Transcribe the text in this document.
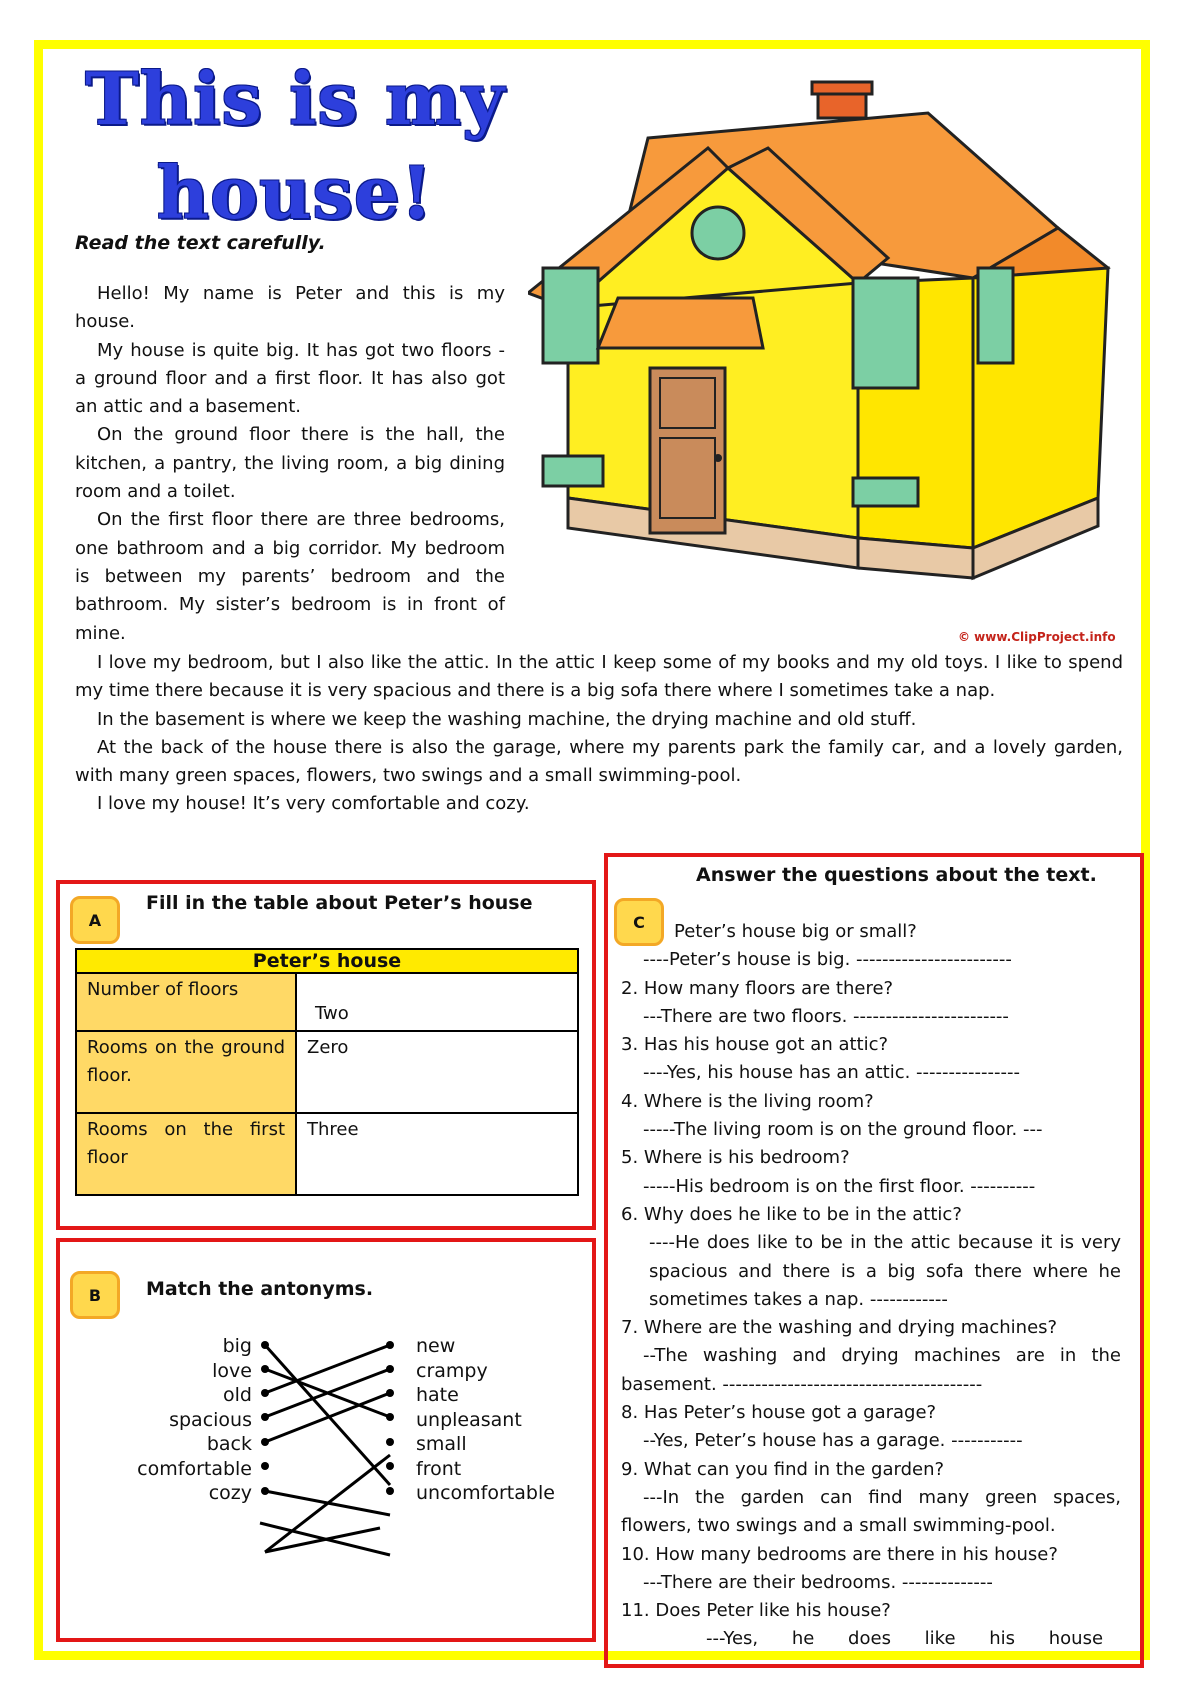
This is my
house!
Read the text carefully.

Hello! My name is Peter and this is my house.

My house is quite big. It has got two floors - a ground floor and a first floor. It has also got an attic and a basement.

On the ground floor there is the hall, the kitchen, a pantry, the living room, a big dining room and a toilet.

On the first floor there are three bedrooms, one bathroom and a big corridor. My bedroom is between my parents’ bedroom and the bathroom. My sister’s bedroom is in front of mine.	© www.ClipProject.info

I love my bedroom, but I also like the attic. In the attic I keep some of my books and my old toys. I like to spend my time there because it is very spacious and there is a big sofa there where I sometimes take a nap.

In the basement is where we keep the washing machine, the drying machine and old stuff.

At the back of the house there is also the garage, where my parents park the family car, and a lovely garden, with many green spaces, flowers, two swings and a small swimming-pool.

I love my house! It’s very comfortable and cozy.

A
Fill in the table about Peter’s house
Peter’s house	
Number of floors	Two

Rooms on the ground floor.	Zero
Rooms on the first floor	Three
B	Match the antonyms.
big
love
old
spacious
back
comfortable
cozy
new
crampy
hate
unpleasant
small
front
uncomfortable
Answer the questions about the text.
C	Peter’s house big or small?
----Peter’s house is big. ------------------------
2. How many floors are there?
---There are two floors. ------------------------
3. Has his house got an attic?
----Yes, his house has an attic. ----------------
4. Where is the living room?
-----The living room is on the ground floor. ---
5. Where is his bedroom?
-----His bedroom is on the first floor. ----------
6. Why does he like to be in the attic?
----He does like to be in the attic because it is very spacious and there is a big sofa there where he sometimes takes a nap. ------------
7. Where are the washing and drying machines?
--The washing and drying machines are in the basement. ----------------------------------------
8. Has Peter’s house got a garage?
--Yes, Peter’s house has a garage. -----------
9. What can you find in the garden?
---In the garden can find many green spaces, flowers, two swings and a small swimming-pool.
10. How many bedrooms are there in his house?
---There are their bedrooms. --------------
11. Does Peter like his house?
---Yes, he does like his house
